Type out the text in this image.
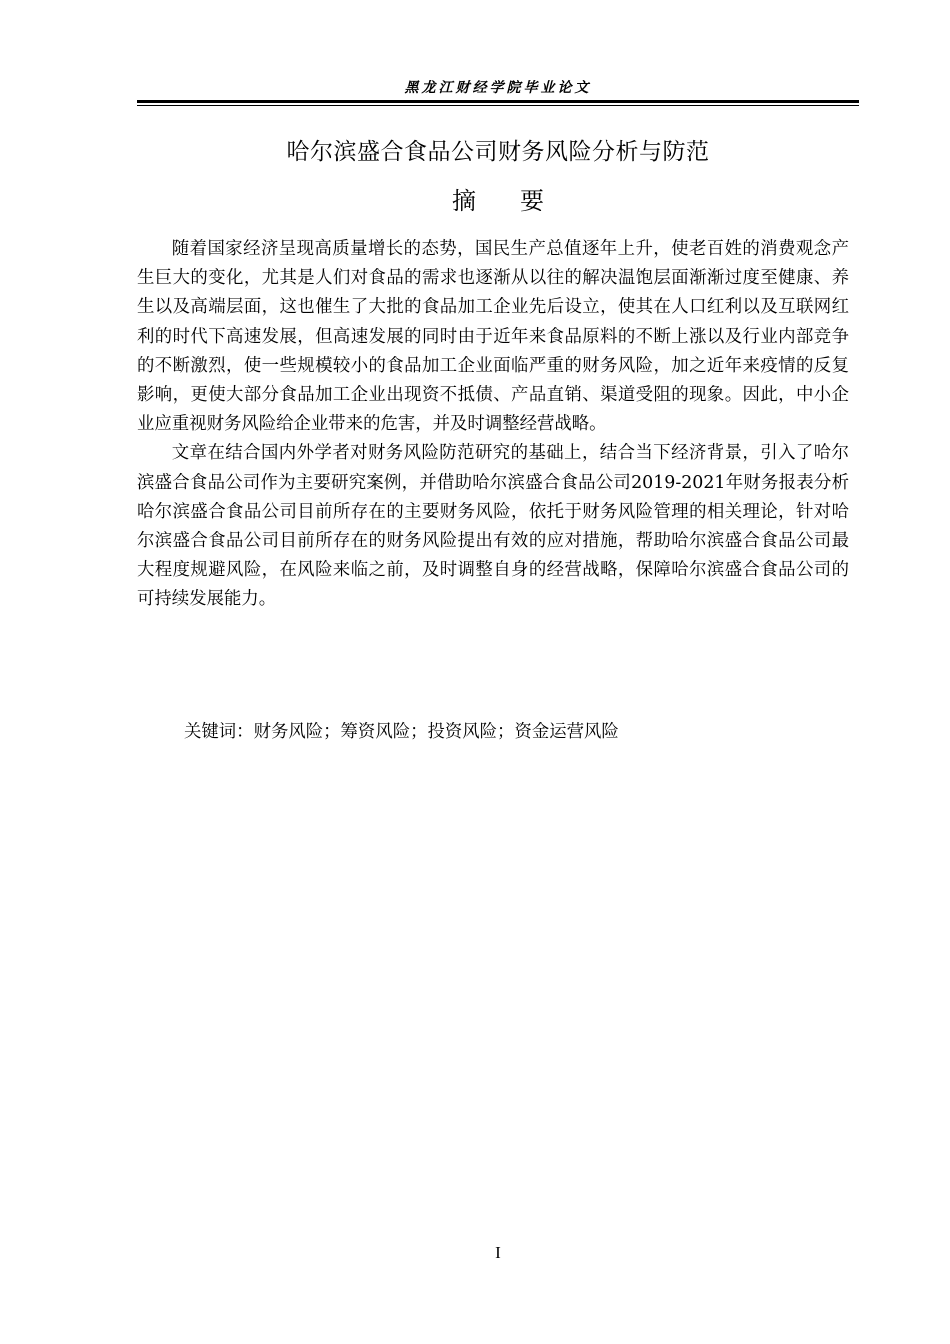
黑龙江财经学院毕业论文
哈尔滨盛合食品公司财务风险分析与防范
摘要

随着国家经济呈现高质量增长的态势，国民生产总值逐年上升，使老百姓的消费观念产生巨大的变化，尤其是人们对食品的需求也逐渐从以往的解决温饱层面渐渐过度至健康、养生以及高端层面，这也催生了大批的食品加工企业先后设立，使其在人口红利以及互联网红利的时代下高速发展，但高速发展的同时由于近年来食品原料的不断上涨以及行业内部竞争的不断激烈，使一些规模较小的食品加工企业面临严重的财务风险，加之近年来疫情的反复影响，更使大部分食品加工企业出现资不抵债、产品直销、渠道受阻的现象。因此，中小企业应重视财务风险给企业带来的危害，并及时调整经营战略。

文章在结合国内外学者对财务风险防范研究的基础上，结合当下经济背景，引入了哈尔滨盛合食品公司作为主要研究案例，并借助哈尔滨盛合食品公司2019-2021年财务报表分析哈尔滨盛合食品公司目前所存在的主要财务风险，依托于财务风险管理的相关理论，针对哈尔滨盛合食品公司目前所存在的财务风险提出有效的应对措施，帮助哈尔滨盛合食品公司最大程度规避风险，在风险来临之前，及时调整自身的经营战略，保障哈尔滨盛合食品公司的可持续发展能力。

关键词：财务风险；筹资风险；投资风险；资金运营风险
I
